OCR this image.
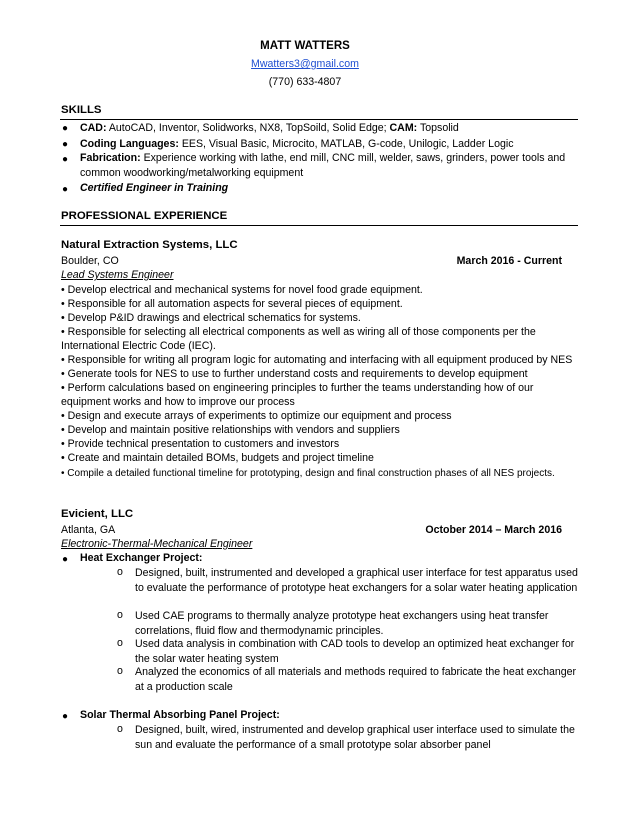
MATT WATTERS
Mwatters3@gmail.com
(770) 633-4807
SKILLS
● CAD: AutoCAD, Inventor, Solidworks, NX8, TopSoild, Solid Edge; CAM: Topsolid
● Coding Languages: EES, Visual Basic, Microcito, MATLAB, G-code, Unilogic, Ladder Logic
● Fabrication: Experience working with lathe, end mill, CNC mill, welder, saws, grinders, power tools and common woodworking/metalworking equipment
● Certified Engineer in Training
PROFESSIONAL EXPERIENCE
Natural Extraction Systems, LLC
Boulder, CO	March 2016 - Current
Lead Systems Engineer
• Develop electrical and mechanical systems for novel food grade equipment.
• Responsible for all automation aspects for several pieces of equipment.
• Develop P&ID drawings and electrical schematics for systems.
• Responsible for selecting all electrical components as well as wiring all of those components per the International Electric Code (IEC).
• Responsible for writing all program logic for automating and interfacing with all equipment produced by NES
• Generate tools for NES to use to further understand costs and requirements to develop equipment
• Perform calculations based on engineering principles to further the teams understanding how of our equipment works and how to improve our process
• Design and execute arrays of experiments to optimize our equipment and process
• Develop and maintain positive relationships with vendors and suppliers
• Provide technical presentation to customers and investors
• Create and maintain detailed BOMs, budgets and project timeline
• Compile a detailed functional timeline for prototyping, design and final construction phases of all NES projects.
Evicient, LLC
Atlanta, GA	October 2014 – March 2016
Electronic-Thermal-Mechanical Engineer
● Heat Exchanger Project:
o Designed, built, instrumented and developed a graphical user interface for test apparatus used to evaluate the performance of prototype heat exchangers for a solar water heating application
o Used CAE programs to thermally analyze prototype heat exchangers using heat transfer correlations, fluid flow and thermodynamic principles.
o Used data analysis in combination with CAD tools to develop an optimized heat exchanger for the solar water heating system
o Analyzed the economics of all materials and methods required to fabricate the heat exchanger at a production scale
● Solar Thermal Absorbing Panel Project:
o Designed, built, wired, instrumented and develop graphical user interface used to simulate the sun and evaluate the performance of a small prototype solar absorber panel
